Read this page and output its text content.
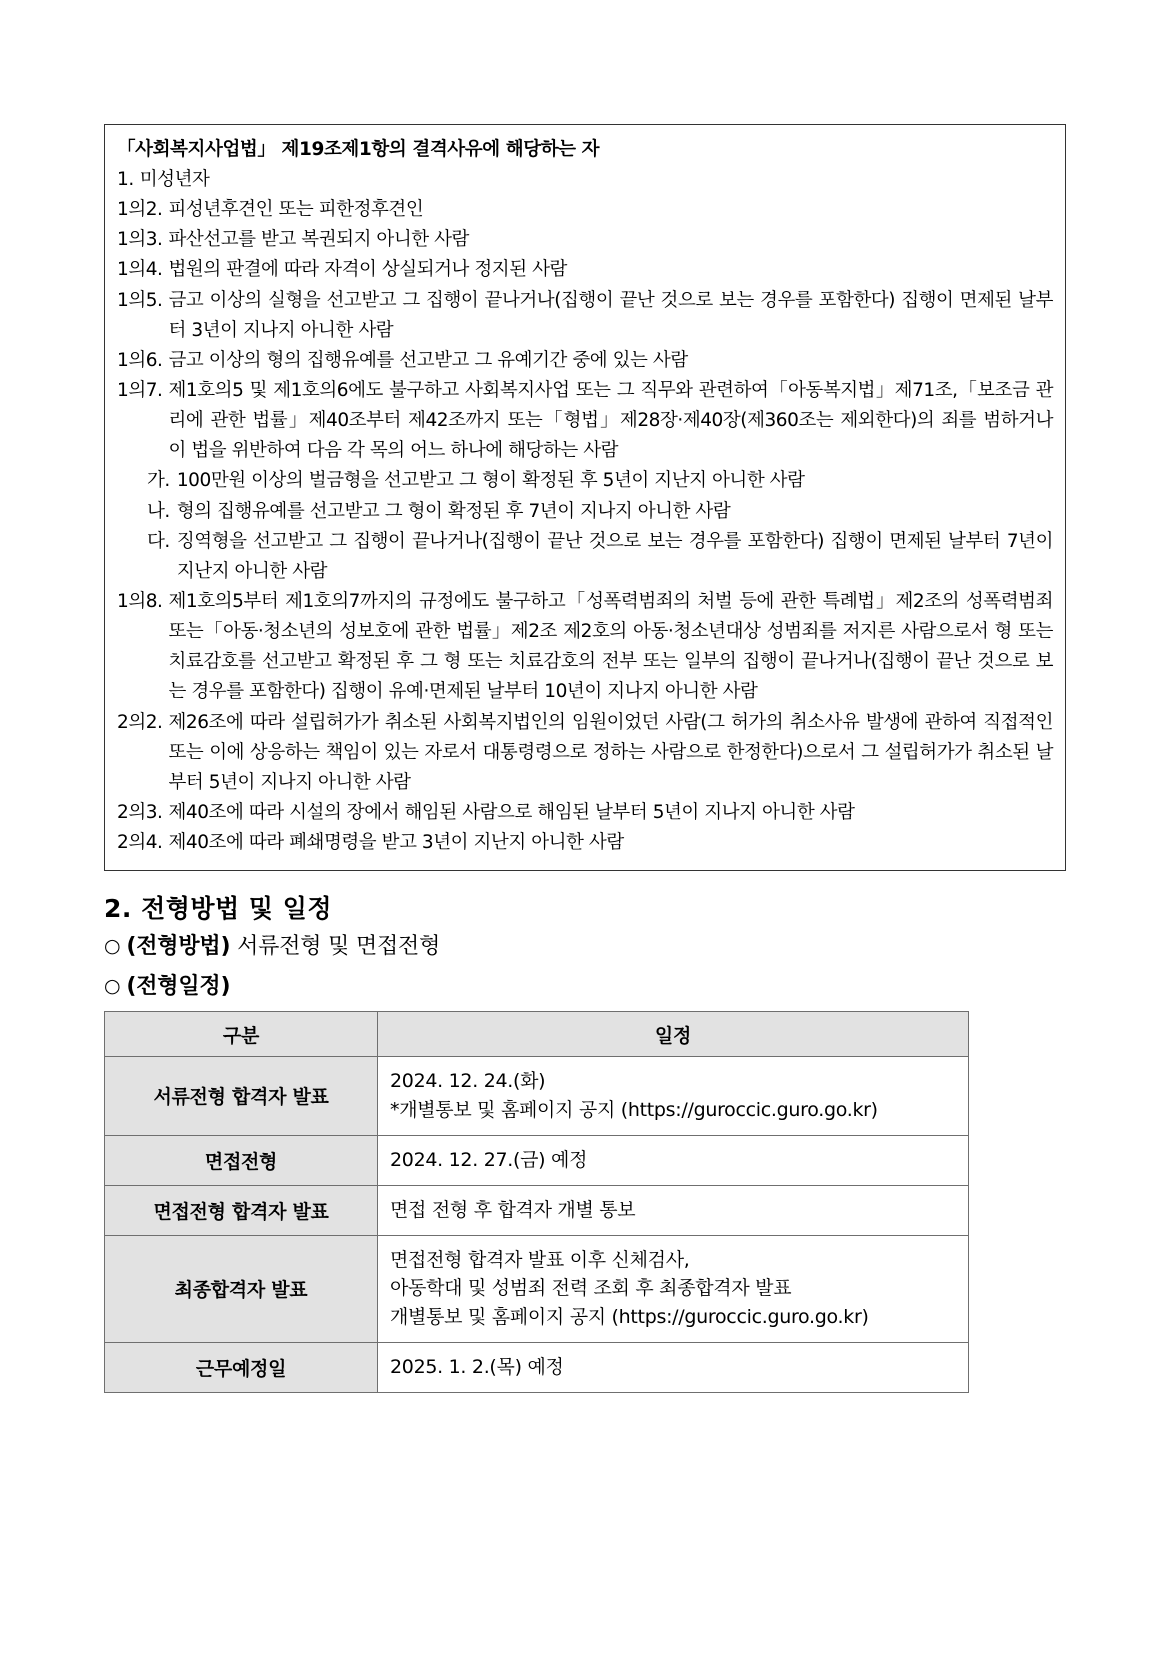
「사회복지사업법」 제19조제1항의 결격사유에 해당하는 자
1. 미성년자
1의2. 피성년후견인 또는 피한정후견인
1의3. 파산선고를 받고 복권되지 아니한 사람
1의4. 법원의 판결에 따라 자격이 상실되거나 정지된 사람
1의5. 금고 이상의 실형을 선고받고 그 집행이 끝나거나(집행이 끝난 것으로 보는 경우를 포함한다) 집행이 면제된 날부터 3년이 지나지 아니한 사람
1의6. 금고 이상의 형의 집행유예를 선고받고 그 유예기간 중에 있는 사람
1의7. 제1호의5 및 제1호의6에도 불구하고 사회복지사업 또는 그 직무와 관련하여「아동복지법」제71조,「보조금 관리에 관한 법률」제40조부터 제42조까지 또는「형법」제28장·제40장(제360조는 제외한다)의 죄를 범하거나 이 법을 위반하여 다음 각 목의 어느 하나에 해당하는 사람
가. 100만원 이상의 벌금형을 선고받고 그 형이 확정된 후 5년이 지난지 아니한 사람
나. 형의 집행유예를 선고받고 그 형이 확정된 후 7년이 지나지 아니한 사람
다. 징역형을 선고받고 그 집행이 끝나거나(집행이 끝난 것으로 보는 경우를 포함한다) 집행이 면제된 날부터 7년이 지난지 아니한 사람
1의8. 제1호의5부터 제1호의7까지의 규정에도 불구하고「성폭력범죄의 처벌 등에 관한 특례법」제2조의 성폭력범죄 또는「아동·청소년의 성보호에 관한 법률」제2조 제2호의 아동·청소년대상 성범죄를 저지른 사람으로서 형 또는 치료감호를 선고받고 확정된 후 그 형 또는 치료감호의 전부 또는 일부의 집행이 끝나거나(집행이 끝난 것으로 보는 경우를 포함한다) 집행이 유예·면제된 날부터 10년이 지나지 아니한 사람
2의2. 제26조에 따라 설립허가가 취소된 사회복지법인의 임원이었던 사람(그 허가의 취소사유 발생에 관하여 직접적인 또는 이에 상응하는 책임이 있는 자로서 대통령령으로 정하는 사람으로 한정한다)으로서 그 설립허가가 취소된 날부터 5년이 지나지 아니한 사람
2의3. 제40조에 따라 시설의 장에서 해임된 사람으로 해임된 날부터 5년이 지나지 아니한 사람
2의4. 제40조에 따라 폐쇄명령을 받고 3년이 지난지 아니한 사람
2. 전형방법 및 일정
○ (전형방법) 서류전형 및 면접전형
○ (전형일정)
구분	일정
서류전형 합격자 발표	2024. 12. 24.(화)
*개별통보 및 홈페이지 공지 (https://guroccic.guro.go.kr)

면접전형	2024. 12. 27.(금) 예정

면접전형 합격자 발표	면접 전형 후 합격자 개별 통보

최종합격자 발표	면접전형 합격자 발표 이후 신체검사,
아동학대 및 성범죄 전력 조회 후 최종합격자 발표
개별통보 및 홈페이지 공지 (https://guroccic.guro.go.kr)

근무예정일	2025. 1. 2.(목) 예정
